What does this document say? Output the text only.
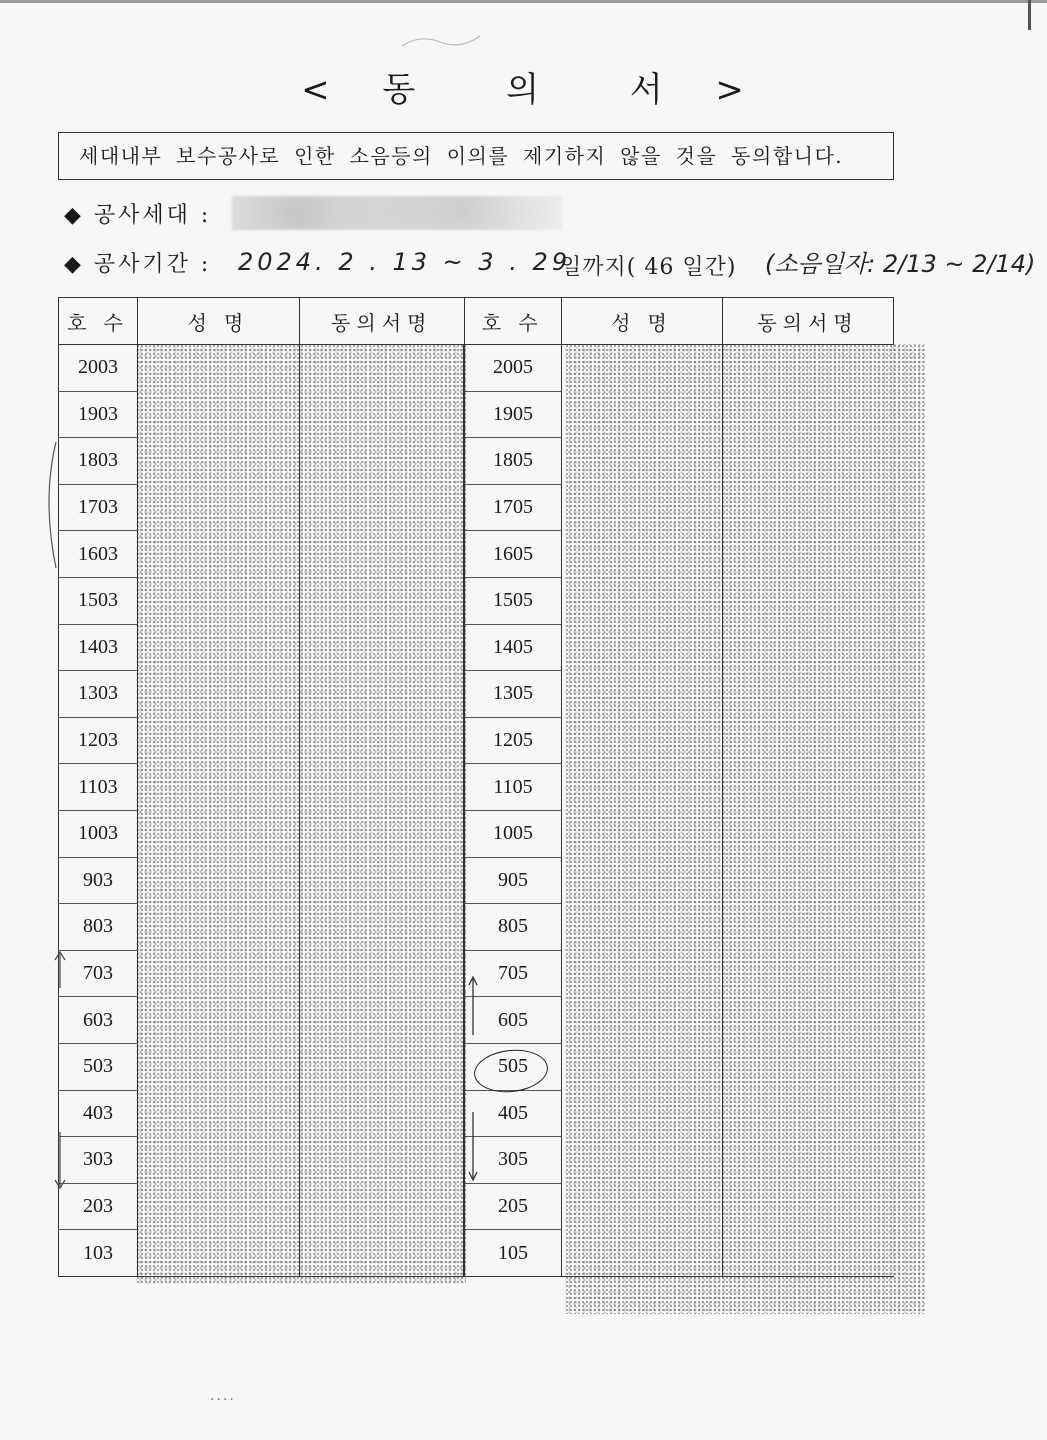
< 동	의	서 >
세대내부 보수공사로 인한 소음등의 이의를 제기하지 않을 것을 동의합니다.
◆ 공사세대 :
◆ 공사기간 : 2024. 2 . 13 ~ 3 . 29
일까지( 46 일간) (소음일자: 2/13 ~ 2/14)
호 수	성 명	동의서명	호 수	성 명	동의서명
2003			2005		
1903			1905		
1803			1805		
1703			1705		
1603			1605		
1503			1505		
1403			1405		
1303			1305		
1203			1205		
1103			1105		
1003			1005		
903			905		
803			805		
703			705		
603			605		
503			505		
403			405		
303			305		
203			205		
103			105		
····
